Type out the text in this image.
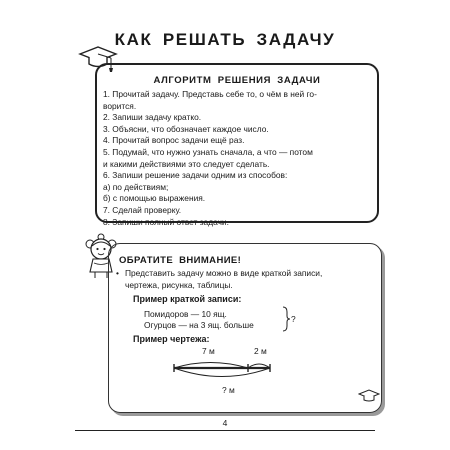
КАК РЕШАТЬ ЗАДАЧУ
АЛГОРИТМ РЕШЕНИЯ ЗАДАЧИ
1. Прочитай задачу. Представь себе то, о чём в ней го-
ворится.
2. Запиши задачу кратко.
3. Объясни, что обозначает каждое число.
4. Прочитай вопрос задачи ещё раз.
5. Подумай, что нужно узнать сначала, а что — потом
и какими действиями это следует сделать.
6. Запиши решение задачи одним из способов:
а) по действиям;
б) с помощью выражения.
7. Сделай проверку.
8. Запиши полный ответ задачи.
ОБРАТИТЕ ВНИМАНИЕ!
• Представить задачу можно в виде краткой записи,
чертежа, рисунка, таблицы.
Пример краткой записи:
Помидоров — 10 ящ.
Огурцов — на 3 ящ. больше
?
Пример чертежа:
7 м	2 м
? м
4
